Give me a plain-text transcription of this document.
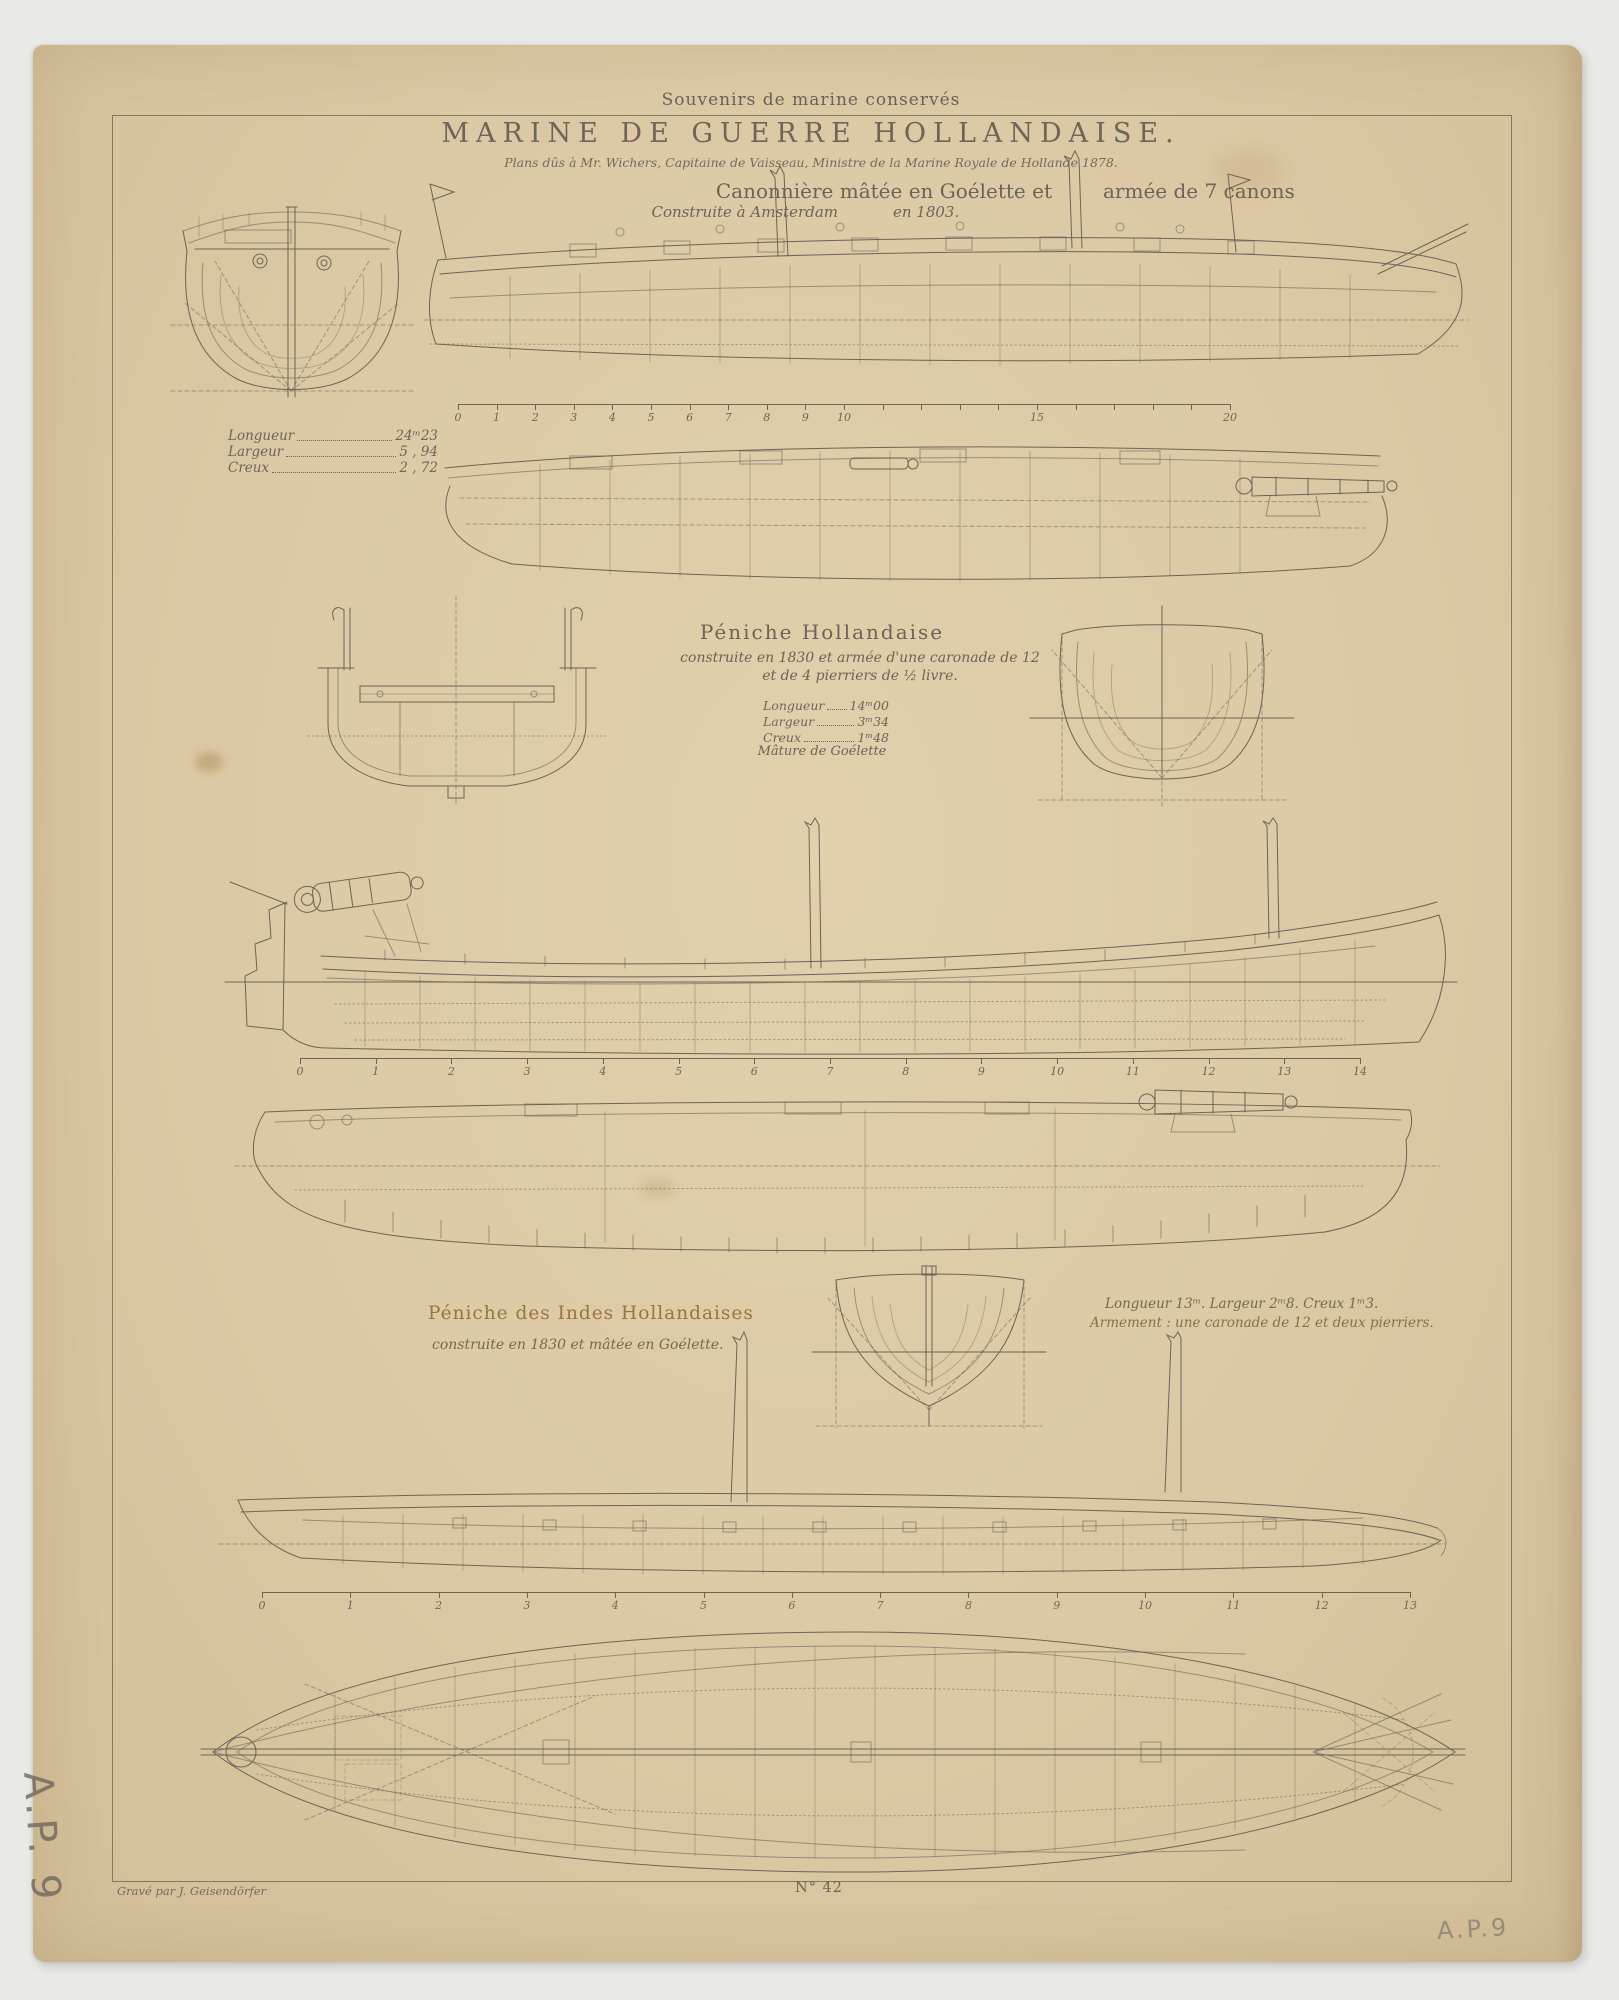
Souvenirs de marine conservés
MARINE DE GUERRE HOLLANDAISE.
Plans dûs à Mr. Wichers, Capitaine de Vaisseau, Ministre de la Marine Royale de Hollande 1878.
Canonnière mâtée en Goélette et	armée de 7 canons
Construite à Amsterdam	en 1803.
Longueur	24ᵐ23
Largeur	5 , 94
Creux	2 , 72
0	1	2	3	4	5	6	7	8	9	10	15	20
Péniche Hollandaise
construite en 1830 et armée d'une caronade de 12
et de 4 pierriers de ½ livre.
Longueur 14ᵐ00
Largeur	3ᵐ34
Creux	1ᵐ48
Mâture de Goélette
0	1	2	3	4	5	6	7	8	9	10	11	12	13	14
Péniche des Indes Hollandaises
construite en 1830 et mâtée en Goélette.
Longueur 13ᵐ. Largeur 2ᵐ8. Creux 1ᵐ3.
Armement : une caronade de 12 et deux pierriers.
0	1	2	3	4	5	6	7	8	9	10	11	12	13
Gravé par J. Geisendörfer	N° 42
A.P. 9
A.P.9
